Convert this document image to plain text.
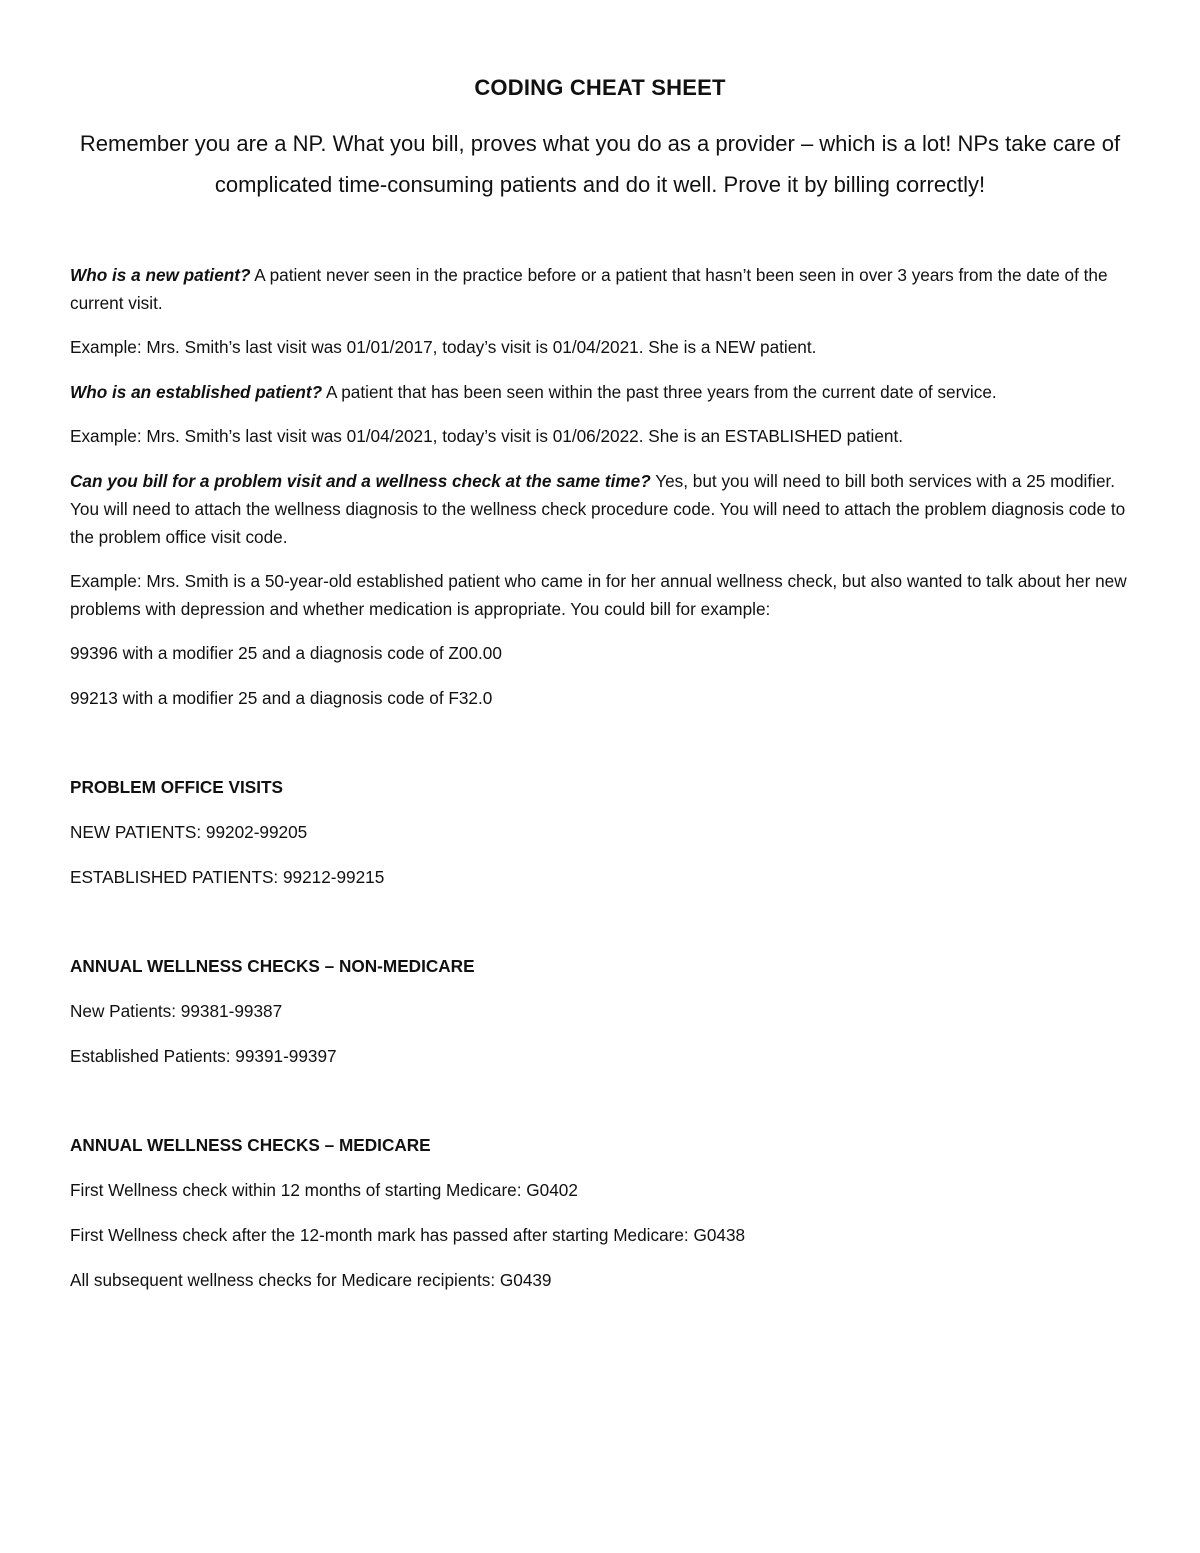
CODING CHEAT SHEET
Remember you are a NP. What you bill, proves what you do as a provider – which is a lot! NPs take care of complicated time-consuming patients and do it well. Prove it by billing correctly!

Who is a new patient? A patient never seen in the practice before or a patient that hasn’t been seen in over 3 years from the date of the current visit.

Example: Mrs. Smith’s last visit was 01/01/2017, today’s visit is 01/04/2021. She is a NEW patient.

Who is an established patient? A patient that has been seen within the past three years from the current date of service.

Example: Mrs. Smith’s last visit was 01/04/2021, today’s visit is 01/06/2022. She is an ESTABLISHED patient.

Can you bill for a problem visit and a wellness check at the same time? Yes, but you will need to bill both services with a 25 modifier. You will need to attach the wellness diagnosis to the wellness check procedure code. You will need to attach the problem diagnosis code to the problem office visit code.

Example: Mrs. Smith is a 50-year-old established patient who came in for her annual wellness check, but also wanted to talk about her new problems with depression and whether medication is appropriate. You could bill for example:

99396 with a modifier 25 and a diagnosis code of Z00.00

99213 with a modifier 25 and a diagnosis code of F32.0

PROBLEM OFFICE VISITS

NEW PATIENTS: 99202-99205

ESTABLISHED PATIENTS: 99212-99215

ANNUAL WELLNESS CHECKS – NON-MEDICARE

New Patients: 99381-99387

Established Patients: 99391-99397

ANNUAL WELLNESS CHECKS – MEDICARE

First Wellness check within 12 months of starting Medicare: G0402

First Wellness check after the 12-month mark has passed after starting Medicare: G0438

All subsequent wellness checks for Medicare recipients: G0439
